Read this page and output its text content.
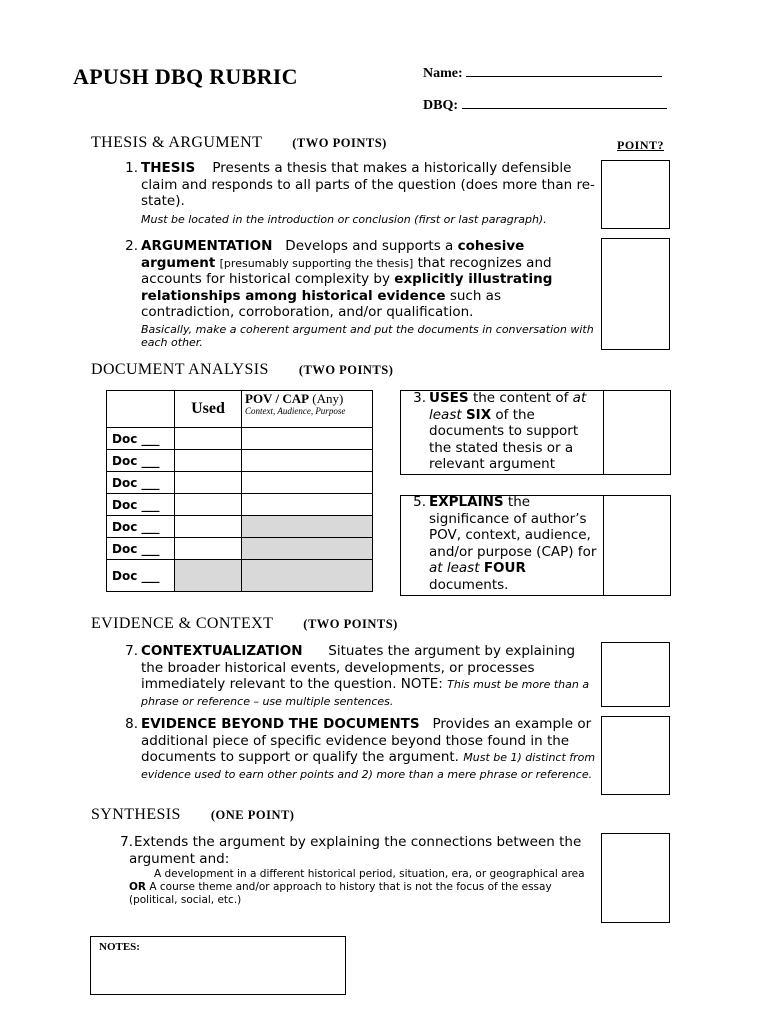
APUSH DBQ RUBRIC	Name:
DBQ:
THESIS & ARGUMENT (TWO POINTS)	POINT?
1. THESIS Presents a thesis that makes a historically defensible claim and responds to all parts of the question (does more than re-state).
Must be located in the introduction or conclusion (first or last paragraph).
2. ARGUMENTATION Develops and supports a cohesive argument [presumably supporting the thesis] that recognizes and accounts for historical complexity by explicitly illustrating relationships among historical evidence such as contradiction, corroboration, and/or qualification.
Basically, make a coherent argument and put the documents in conversation with each other.
DOCUMENT ANALYSIS (TWO POINTS)
	Used	POV / CAP (Any)
Context, Audience, Purpose

Doc ___		
Doc ___		
Doc ___		
Doc ___		
Doc ___		
Doc ___		
Doc ___		
3. USES the content of at least SIX of the documents to support the stated thesis or a relevant argument
5. EXPLAINS the significance of author’s POV, context, audience, and/or purpose (CAP) for at least FOUR documents.
EVIDENCE & CONTEXT (TWO POINTS)
7. CONTEXTUALIZATION Situates the argument by explaining the broader historical events, developments, or processes immediately relevant to the question. NOTE: This must be more than a phrase or reference – use multiple sentences.
8. EVIDENCE BEYOND THE DOCUMENTS Provides an example or additional piece of specific evidence beyond those found in the documents to support or qualify the argument. Must be 1) distinct from evidence used to earn other points and 2) more than a mere phrase or reference.
SYNTHESIS (ONE POINT)
7. Extends the argument by explaining the connections between the argument and:
A development in a different historical period, situation, era, or geographical area
OR A course theme and/or approach to history that is not the focus of the essay (political, social, etc.)
NOTES:
